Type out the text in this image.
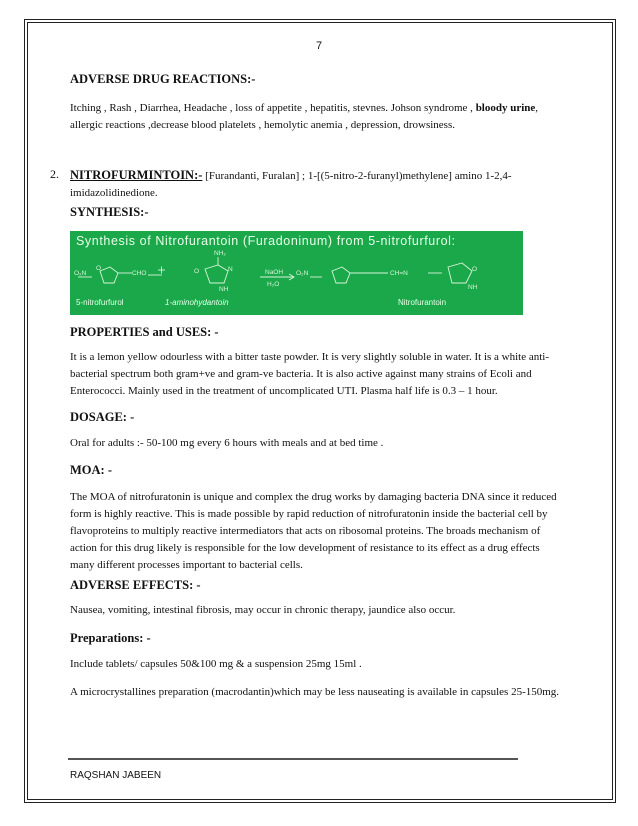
7
ADVERSE DRUG REACTIONS:-
Itching , Rash , Diarrhea, Headache , loss of appetite , hepatitis, stevnes. Johson syndrome , bloody urine, allergic reactions ,decrease blood platelets , hemolytic anemia , depression, drowsiness.
2. NITROFURMINTOIN:- [Furandanti, Furalan] ; 1-[(5-nitro-2-furanyl)methylene] amino 1-2,4-imidazolidinedione.
SYNTHESIS:-
Synthesis of Nitrofurantoin (Furadoninum) from 5-nitrofurfurol:
O₂N
O
CHO
NH₂
O	N
NH
O₂N	CH=N
O
NH
NaOH
H₂O
5-nitrofurfurol	1-aminohydantoin	Nitrofurantoin
PROPERTIES and USES: -
It is a lemon yellow odourless with a bitter taste powder. It is very slightly soluble in water. It is a white anti-bacterial spectrum both gram+ve and gram-ve bacteria. It is also active against many strains of Ecoli and Enterococci. Mainly used in the treatment of uncomplicated UTI. Plasma half life is 0.3 – 1 hour.
DOSAGE: -
Oral for adults :- 50-100 mg every 6 hours with meals and at bed time .
MOA: -
The MOA of nitrofuratonin is unique and complex the drug works by damaging bacteria DNA since it reduced form is highly reactive. This is made possible by rapid reduction of nitrofuratonin inside the bacterial cell by flavoproteins to multiply reactive intermediators that acts on ribosomal proteins. The broads mechanism of action for this drug likely is responsible for the low development of resistance to its effect as a drug effects many different processes important to bacterial cells.
ADVERSE EFFECTS: -
Nausea, vomiting, intestinal fibrosis, may occur in chronic therapy, jaundice also occur.
Preparations: -
Include tablets/ capsules 50&100 mg & a suspension 25mg 15ml .
A microcrystallines preparation (macrodantin)which may be less nauseating is available in capsules 25-150mg.
RAQSHAN JABEEN
